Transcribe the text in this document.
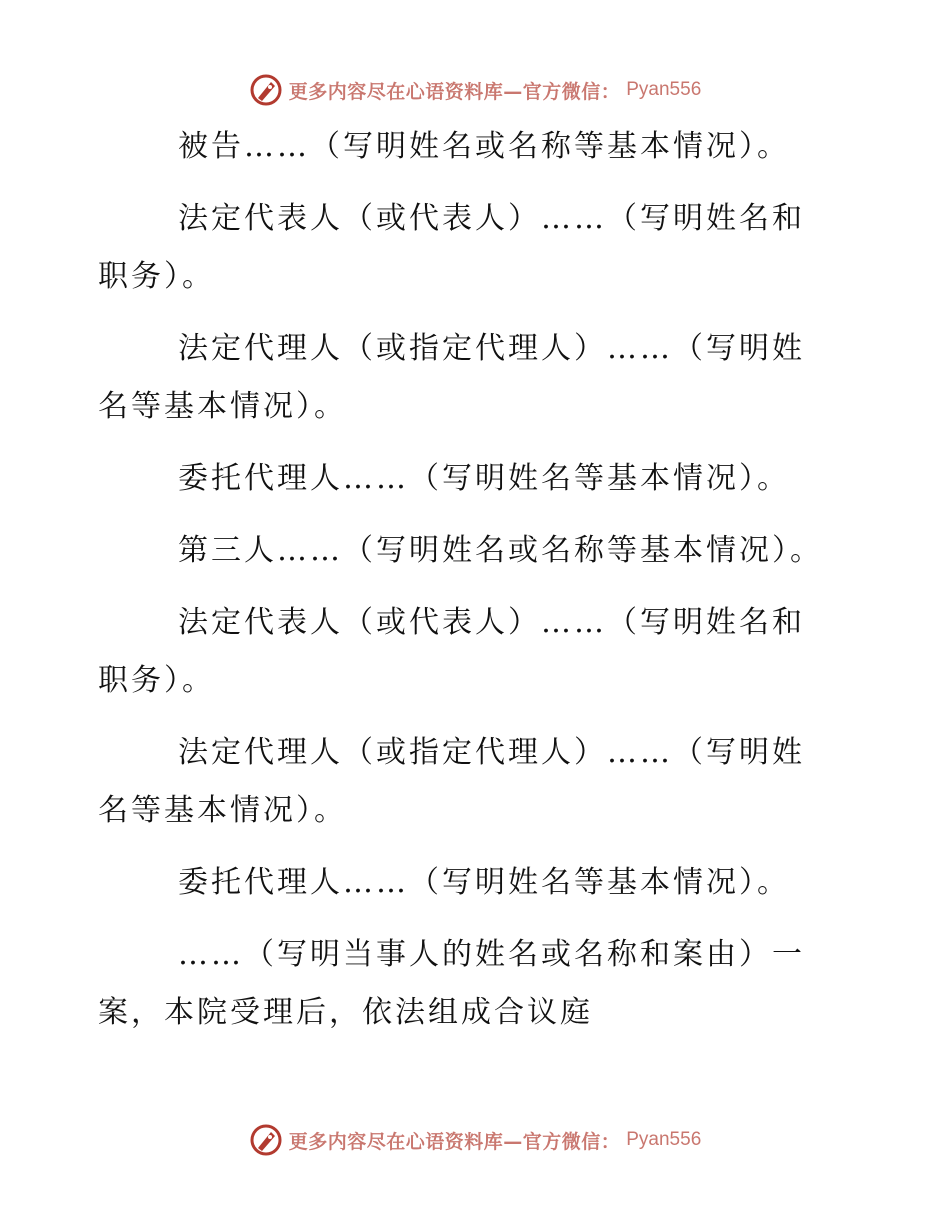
更多内容尽在心语资料库—官方微信： Pyan556

被告……（写明姓名或名称等基本情况）。

法定代表人（或代表人）……（写明姓名和职务）。

法定代理人（或指定代理人）……（写明姓名等基本情况）。

委托代理人……（写明姓名等基本情况）。

第三人……（写明姓名或名称等基本情况）。

法定代表人（或代表人）……（写明姓名和职务）。

法定代理人（或指定代理人）……（写明姓名等基本情况）。

委托代理人……（写明姓名等基本情况）。

……（写明当事人的姓名或名称和案由）一案，本院受理后，依法组成合议庭

更多内容尽在心语资料库—官方微信： Pyan556
